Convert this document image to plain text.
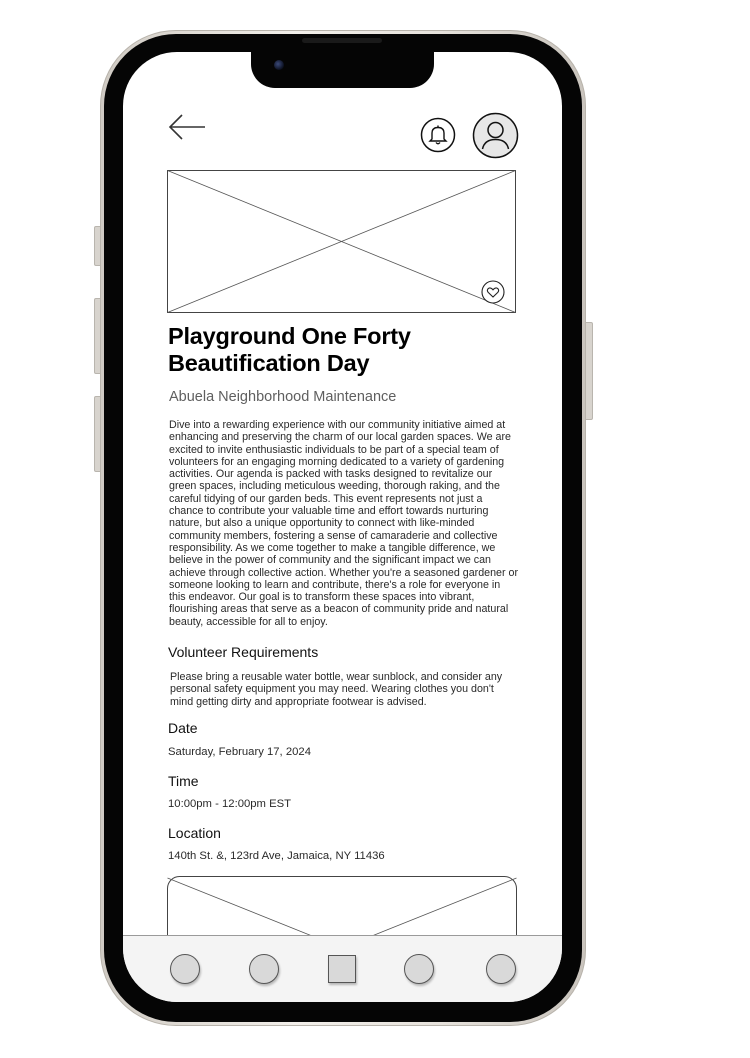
Playground One Forty Beautification Day
Abuela Neighborhood Maintenance
Dive into a rewarding experience with our community initiative aimed at enhancing and preserving the charm of our local garden spaces. We are excited to invite enthusiastic individuals to be part of a special team of volunteers for an engaging morning dedicated to a variety of gardening activities. Our agenda is packed with tasks designed to revitalize our green spaces, including meticulous weeding, thorough raking, and the careful tidying of our garden beds. This event represents not just a chance to contribute your valuable time and effort towards nurturing nature, but also a unique opportunity to connect with like-minded community members, fostering a sense of camaraderie and collective responsibility. As we come together to make a tangible difference, we believe in the power of community and the significant impact we can achieve through collective action. Whether you're a seasoned gardener or someone looking to learn and contribute, there's a role for everyone in this endeavor. Our goal is to transform these spaces into vibrant, flourishing areas that serve as a beacon of community pride and natural beauty, accessible for all to enjoy.
Volunteer Requirements
Please bring a reusable water bottle, wear sunblock, and consider any personal safety equipment you may need. Wearing clothes you don't mind getting dirty and appropriate footwear is advised.
Date
Saturday, February 17, 2024
Time
10:00pm - 12:00pm EST
Location
140th St. &, 123rd Ave, Jamaica, NY 11436
